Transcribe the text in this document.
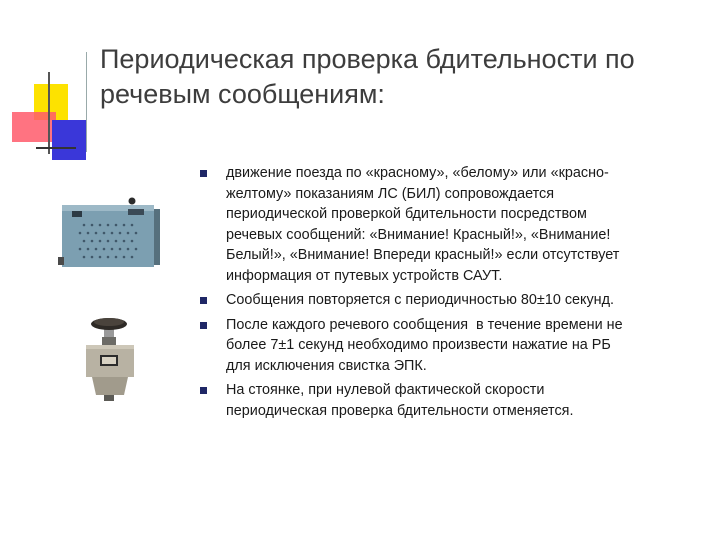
Периодическая проверка бдительности по
речевым сообщениям:
движение поезда по «красному», «белому» или «красно-
желтому» показаниям ЛС (БИЛ) сопровождается
периодической проверкой бдительности посредством
речевых сообщений: «Внимание! Красный!», «Внимание!
Белый!», «Внимание! Впереди красный!» если отсутствует
информация от путевых устройств САУТ.
Сообщения повторяется с периодичностью 80±10 секунд.
После каждого речевого сообщения  в течение времени не
более 7±1 секунд необходимо произвести нажатие на РБ
для исключения свистка ЭПК.
На стоянке, при нулевой фактической скорости
периодическая проверка бдительности отменяется.
